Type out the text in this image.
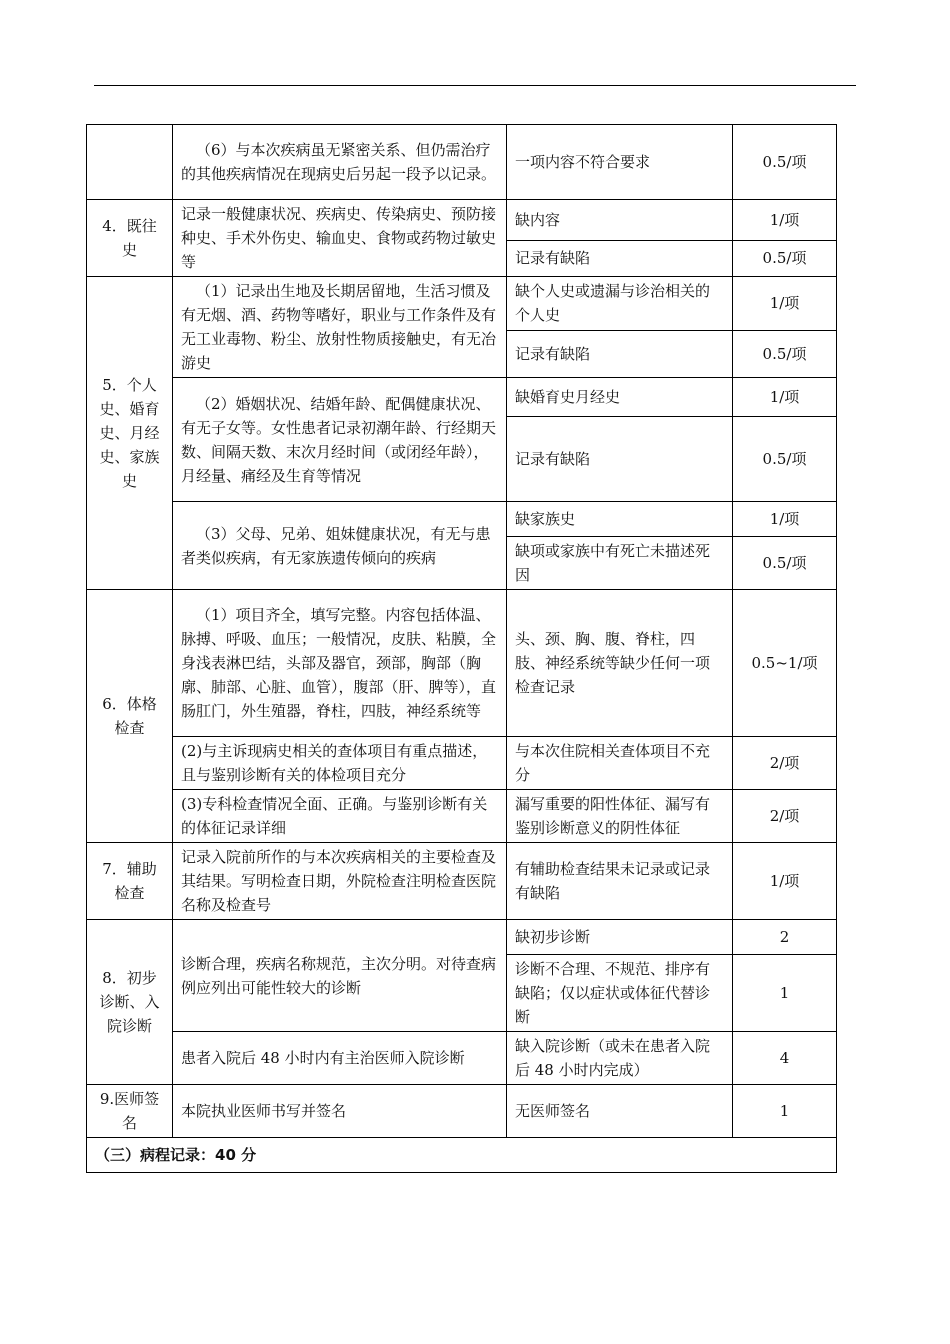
	（6）与本次疾病虽无紧密关系、但仍需治疗的其他疾病情况在现病史后另起一段予以记录。	一项内容不符合要求	0.5/项
4．既往史	记录一般健康状况、疾病史、传染病史、预防接种史、手术外伤史、输血史、食物或药物过敏史等	缺内容	1/项
		记录有缺陷	0.5/项
5．个人史、婚育史、月经史、家族史	（1）记录出生地及长期居留地，生活习惯及有无烟、酒、药物等嗜好，职业与工作条件及有无工业毒物、粉尘、放射性物质接触史，有无冶游史	缺个人史或遗漏与诊治相关的个人史	1/项
		记录有缺陷	0.5/项
	（2）婚姻状况、结婚年龄、配偶健康状况、有无子女等。女性患者记录初潮年龄、行经期天数、间隔天数、末次月经时间（或闭经年龄），月经量、痛经及生育等情况	缺婚育史月经史	1/项
		记录有缺陷	0.5/项
	（3）父母、兄弟、姐妹健康状况，有无与患者类似疾病，有无家族遗传倾向的疾病	缺家族史	1/项
		缺项或家族中有死亡未描述死因	0.5/项
6．体格检查	（1）项目齐全，填写完整。内容包括体温、脉搏、呼吸、血压；一般情况，皮肤、粘膜，全身浅表淋巴结，头部及器官，颈部，胸部（胸廓、肺部、心脏、血管），腹部（肝、脾等），直肠肛门，外生殖器，脊柱，四肢，神经系统等	头、颈、胸、腹、脊柱，四肢、神经系统等缺少任何一项检查记录	0.5~1/项
	(2)与主诉现病史相关的查体项目有重点描述，且与鉴别诊断有关的体检项目充分	与本次住院相关查体项目不充分	2/项
	(3)专科检查情况全面、正确。与鉴别诊断有关的体征记录详细	漏写重要的阳性体征、漏写有鉴别诊断意义的阴性体征	2/项
7．辅助检查	记录入院前所作的与本次疾病相关的主要检查及其结果。写明检查日期，外院检查注明检查医院名称及检查号	有辅助检查结果未记录或记录有缺陷	1/项
8．初步诊断、入院诊断	诊断合理，疾病名称规范，主次分明。对待查病例应列出可能性较大的诊断	缺初步诊断	2
		诊断不合理、不规范、排序有缺陷；仅以症状或体征代替诊断	1
	患者入院后 48 小时内有主治医师入院诊断	缺入院诊断（或未在患者入院后 48 小时内完成）	4
9.医师签名	本院执业医师书写并签名	无医师签名	1
（三）病程记录：40 分			
